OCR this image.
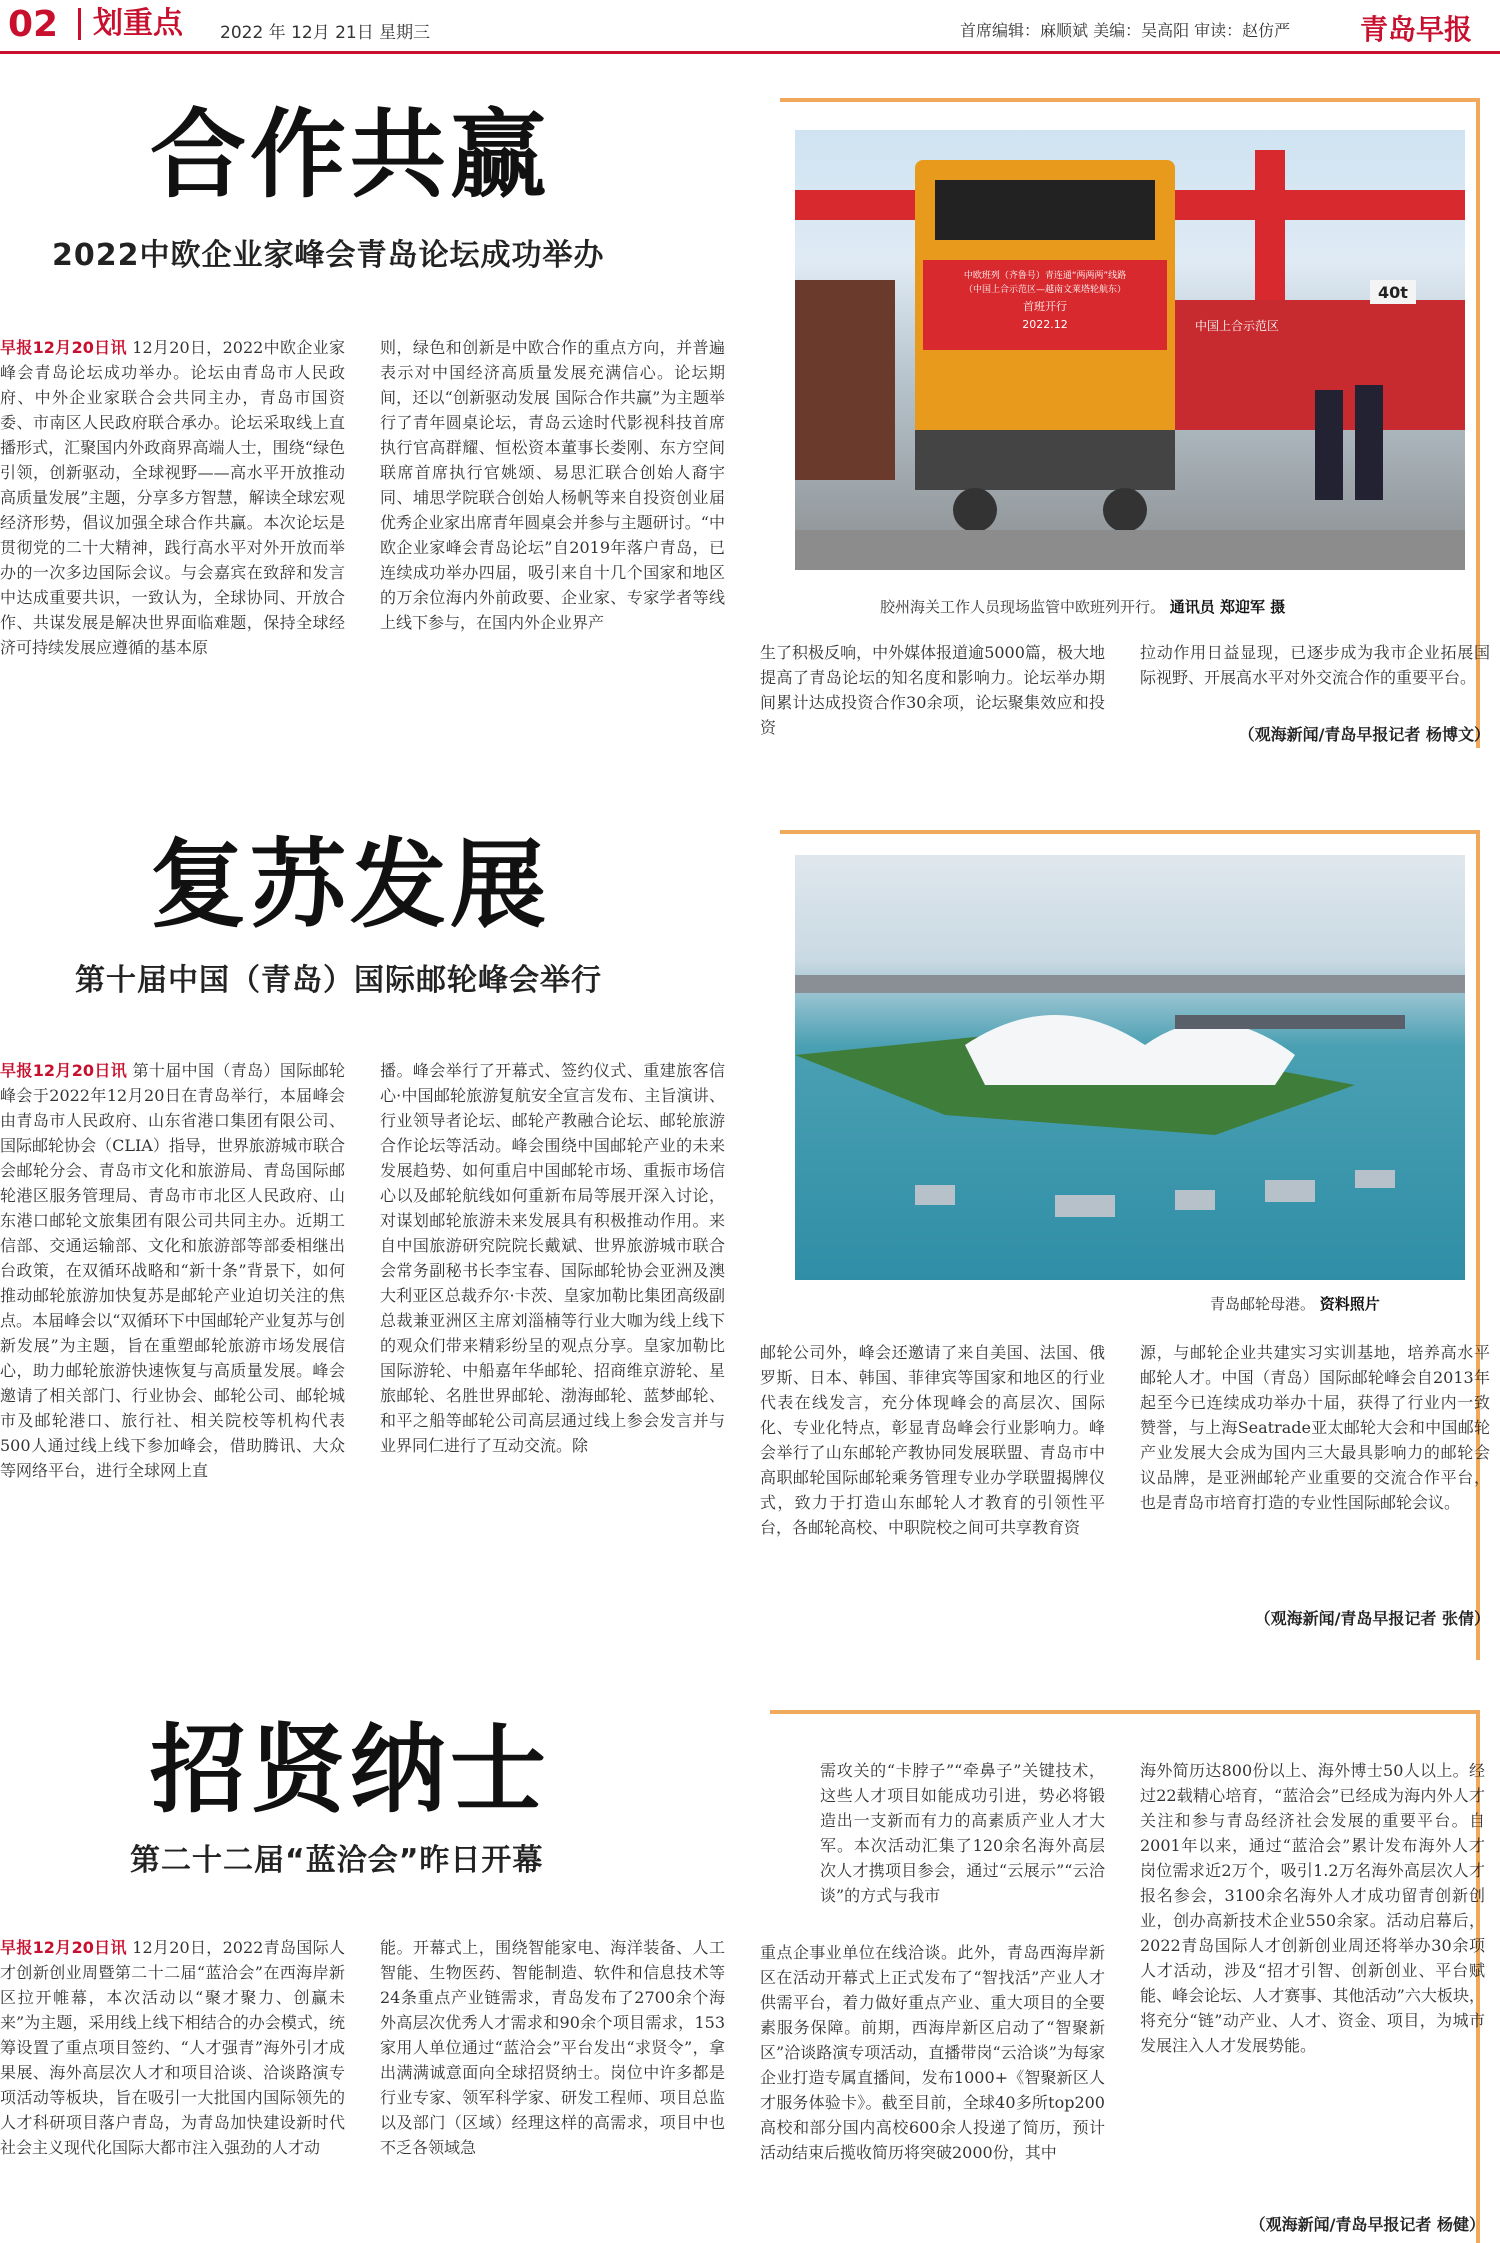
02	划重点 2022 年 12月 21日 星期三	首席编辑：麻顺斌 美编：吴高阳 审读：赵仿严 青岛早报
合作共赢
2022中欧企业家峰会青岛论坛成功举办
40t
中欧班列（齐鲁号）青连通“两两两”线路
（中国上合示范区—越南文莱塔轮航东）
首班开行
2022.12	中国上合示范区
胶州海关工作人员现场监管中欧班列开行。 通讯员 郑迎军 摄
早报12月20日讯 12月20日，2022中欧企业家峰会青岛论坛成功举办。论坛由青岛市人民政府、中外企业家联合会共同主办，青岛市国资委、市南区人民政府联合承办。论坛采取线上直播形式，汇聚国内外政商界高端人士，围绕“绿色引领，创新驱动，全球视野——高水平开放推动高质量发展”主题，分享多方智慧，解读全球宏观经济形势，倡议加强全球合作共赢。本次论坛是贯彻党的二十大精神，践行高水平对外开放而举办的一次多边国际会议。与会嘉宾在致辞和发言中达成重要共识，一致认为，全球协同、开放合作、共谋发展是解决世界面临难题，保持全球经济可持续发展应遵循的基本原
则，绿色和创新是中欧合作的重点方向，并普遍表示对中国经济高质量发展充满信心。论坛期间，还以“创新驱动发展 国际合作共赢”为主题举行了青年圆桌论坛，青岛云途时代影视科技首席执行官高群耀、恒松资本董事长娄刚、东方空间联席首席执行官姚颂、易思汇联合创始人裔宇同、埔思学院联合创始人杨帆等来自投资创业届优秀企业家出席青年圆桌会并参与主题研讨。“中欧企业家峰会青岛论坛”自2019年落户青岛，已连续成功举办四届，吸引来自十几个国家和地区的万余位海内外前政要、企业家、专家学者等线上线下参与，在国内外企业界产
生了积极反响，中外媒体报道逾5000篇，极大地提高了青岛论坛的知名度和影响力。论坛举办期间累计达成投资合作30余项，论坛聚集效应和投资
拉动作用日益显现，已逐步成为我市企业拓展国际视野、开展高水平对外交流合作的重要平台。
（观海新闻/青岛早报记者 杨博文）
复苏发展
第十届中国（青岛）国际邮轮峰会举行
青岛邮轮母港。 资料照片
早报12月20日讯 第十届中国（青岛）国际邮轮峰会于2022年12月20日在青岛举行，本届峰会由青岛市人民政府、山东省港口集团有限公司、国际邮轮协会（CLIA）指导，世界旅游城市联合会邮轮分会、青岛市文化和旅游局、青岛国际邮轮港区服务管理局、青岛市市北区人民政府、山东港口邮轮文旅集团有限公司共同主办。近期工信部、交通运输部、文化和旅游部等部委相继出台政策，在双循环战略和“新十条”背景下，如何推动邮轮旅游加快复苏是邮轮产业迫切关注的焦点。本届峰会以“双循环下中国邮轮产业复苏与创新发展”为主题，旨在重塑邮轮旅游市场发展信心，助力邮轮旅游快速恢复与高质量发展。峰会邀请了相关部门、行业协会、邮轮公司、邮轮城市及邮轮港口、旅行社、相关院校等机构代表500人通过线上线下参加峰会，借助腾讯、大众等网络平台，进行全球网上直
播。峰会举行了开幕式、签约仪式、重建旅客信心·中国邮轮旅游复航安全宣言发布、主旨演讲、行业领导者论坛、邮轮产教融合论坛、邮轮旅游合作论坛等活动。峰会围绕中国邮轮产业的未来发展趋势、如何重启中国邮轮市场、重振市场信心以及邮轮航线如何重新布局等展开深入讨论，对谋划邮轮旅游未来发展具有积极推动作用。来自中国旅游研究院院长戴斌、世界旅游城市联合会常务副秘书长李宝春、国际邮轮协会亚洲及澳大利亚区总裁乔尔·卡茨、皇家加勒比集团高级副总裁兼亚洲区主席刘淄楠等行业大咖为线上线下的观众们带来精彩纷呈的观点分享。皇家加勒比国际游轮、中船嘉年华邮轮、招商维京游轮、星旅邮轮、名胜世界邮轮、渤海邮轮、蓝梦邮轮、和平之船等邮轮公司高层通过线上参会发言并与业界同仁进行了互动交流。除
邮轮公司外，峰会还邀请了来自美国、法国、俄罗斯、日本、韩国、菲律宾等国家和地区的行业代表在线发言，充分体现峰会的高层次、国际化、专业化特点，彰显青岛峰会行业影响力。峰会举行了山东邮轮产教协同发展联盟、青岛市中高职邮轮国际邮轮乘务管理专业办学联盟揭牌仪式，致力于打造山东邮轮人才教育的引领性平台，各邮轮高校、中职院校之间可共享教育资
源，与邮轮企业共建实习实训基地，培养高水平邮轮人才。中国（青岛）国际邮轮峰会自2013年起至今已连续成功举办十届，获得了行业内一致赞誉，与上海Seatrade亚太邮轮大会和中国邮轮产业发展大会成为国内三大最具影响力的邮轮会议品牌，是亚洲邮轮产业重要的交流合作平台，也是青岛市培育打造的专业性国际邮轮会议。
（观海新闻/青岛早报记者 张倩）
招贤纳士
第二十二届“蓝洽会”昨日开幕
早报12月20日讯 12月20日，2022青岛国际人才创新创业周暨第二十二届“蓝洽会”在西海岸新区拉开帷幕，本次活动以“聚才聚力、创赢未来”为主题，采用线上线下相结合的办会模式，统筹设置了重点项目签约、“人才强青”海外引才成果展、海外高层次人才和项目洽谈、洽谈路演专项活动等板块，旨在吸引一大批国内国际领先的人才科研项目落户青岛，为青岛加快建设新时代社会主义现代化国际大都市注入强劲的人才动
能。开幕式上，围绕智能家电、海洋装备、人工智能、生物医药、智能制造、软件和信息技术等24条重点产业链需求，青岛发布了2700余个海外高层次优秀人才需求和90余个项目需求，153家用人单位通过“蓝洽会”平台发出“求贤令”，拿出满满诚意面向全球招贤纳士。岗位中许多都是行业专家、领军科学家、研发工程师、项目总监以及部门（区域）经理这样的高需求，项目中也不乏各领域急
需攻关的“卡脖子”“牵鼻子”关键技术，这些人才项目如能成功引进，势必将锻造出一支新而有力的高素质产业人才大军。本次活动汇集了120余名海外高层次人才携项目参会，通过“云展示”“云洽谈”的方式与我市
重点企事业单位在线洽谈。此外，青岛西海岸新区在活动开幕式上正式发布了“智找活”产业人才供需平台，着力做好重点产业、重大项目的全要素服务保障。前期，西海岸新区启动了“智聚新区”洽谈路演专项活动，直播带岗“云洽谈”为每家企业打造专属直播间，发布1000+《智聚新区人才服务体验卡》。截至目前，全球40多所top200高校和部分国内高校600余人投递了简历，预计活动结束后揽收简历将突破2000份，其中
海外简历达800份以上、海外博士50人以上。经过22载精心培育，“蓝洽会”已经成为海内外人才关注和参与青岛经济社会发展的重要平台。自2001年以来，通过“蓝洽会”累计发布海外人才岗位需求近2万个，吸引1.2万名海外高层次人才报名参会，3100余名海外人才成功留青创新创业，创办高新技术企业550余家。活动启幕后，2022青岛国际人才创新创业周还将举办30余项人才活动，涉及“招才引智、创新创业、平台赋能、峰会论坛、人才赛事、其他活动”六大板块，将充分“链”动产业、人才、资金、项目，为城市发展注入人才发展势能。
（观海新闻/青岛早报记者 杨健）
